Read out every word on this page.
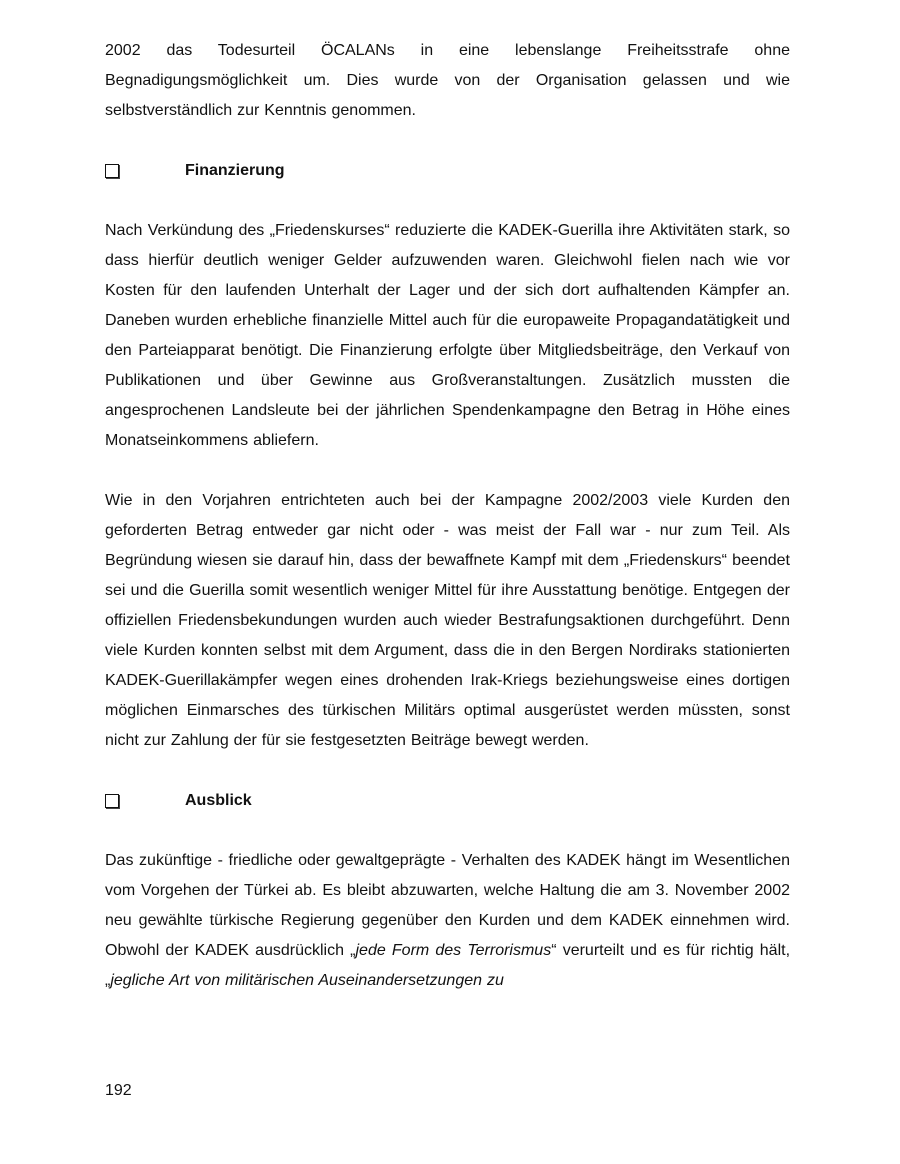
2002 das Todesurteil ÖCALANs in eine lebenslange Freiheitsstrafe ohne Begnadigungsmöglichkeit um. Dies wurde von der Organisation gelassen und wie selbstverständlich zur Kenntnis genommen.

Finanzierung

Nach Verkündung des „Friedenskurses“ reduzierte die KADEK-Guerilla ihre Aktivitäten stark, so dass hierfür deutlich weniger Gelder aufzuwenden waren. Gleichwohl fielen nach wie vor Kosten für den laufenden Unterhalt der Lager und der sich dort aufhaltenden Kämpfer an. Daneben wurden erhebliche finanzielle Mittel auch für die europaweite Propagandatätigkeit und den Parteiapparat benötigt. Die Finanzierung erfolgte über Mitgliedsbeiträge, den Verkauf von Publikationen und über Gewinne aus Großveranstaltungen. Zusätzlich mussten die angesprochenen Landsleute bei der jährlichen Spendenkampagne den Betrag in Höhe eines Monatseinkommens abliefern.

Wie in den Vorjahren entrichteten auch bei der Kampagne 2002/2003 viele Kurden den geforderten Betrag entweder gar nicht oder - was meist der Fall war - nur zum Teil. Als Begründung wiesen sie darauf hin, dass der bewaffnete Kampf mit dem „Friedenskurs“ beendet sei und die Guerilla somit wesentlich weniger Mittel für ihre Ausstattung benötige. Entgegen der offiziellen Friedensbekundungen wurden auch wieder Bestrafungsaktionen durchgeführt. Denn viele Kurden konnten selbst mit dem Argument, dass die in den Bergen Nordiraks stationierten KADEK-Guerillakämpfer wegen eines drohenden Irak-Kriegs beziehungsweise eines dortigen möglichen Einmarsches des türkischen Militärs optimal ausgerüstet werden müssten, sonst nicht zur Zahlung der für sie festgesetzten Beiträge bewegt werden.

Ausblick

Das zukünftige - friedliche oder gewaltgeprägte - Verhalten des KADEK hängt im Wesentlichen vom Vorgehen der Türkei ab. Es bleibt abzuwarten, welche Haltung die am 3. November 2002 neu gewählte türkische Regierung gegenüber den Kurden und dem KADEK einnehmen wird. Obwohl der KADEK ausdrücklich „jede Form des Terrorismus“ verurteilt und es für richtig hält, „jegliche Art von militärischen Auseinandersetzungen zu

192
